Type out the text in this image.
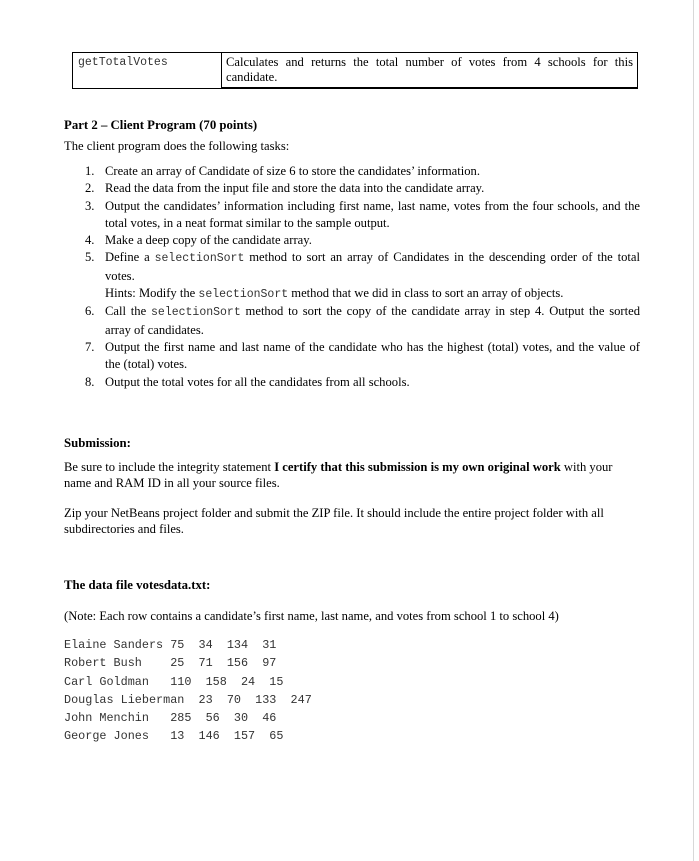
getTotalVotes	Calculates and returns the total number of votes from 4 schools for this candidate.
Part 2 – Client Program (70 points)
The client program does the following tasks:
1. Create an array of Candidate of size 6 to store the candidates’ information.
2. Read the data from the input file and store the data into the candidate array.
3. Output the candidates’ information including first name, last name, votes from the four schools, and the total votes, in a neat format similar to the sample output.
4. Make a deep copy of the candidate array.
5. Define a selectionSort method to sort an array of Candidates in the descending order of the total votes.
Hints: Modify the selectionSort method that we did in class to sort an array of objects.
6. Call the selectionSort method to sort the copy of the candidate array in step 4. Output the sorted array of candidates.
7. Output the first name and last name of the candidate who has the highest (total) votes, and the value of the (total) votes.
8. Output the total votes for all the candidates from all schools.
Submission:
Be sure to include the integrity statement I certify that this submission is my own original work with your name and RAM ID in all your source files.
Zip your NetBeans project folder and submit the ZIP file. It should include the entire project folder with all subdirectories and files.
The data file votesdata.txt:
(Note: Each row contains a candidate’s first name, last name, and votes from school 1 to school 4)
Elaine Sanders 75  34  134  31
Robert Bush    25  71  156  97
Carl Goldman   110  158  24  15
Douglas Lieberman  23  70  133  247
John Menchin   285  56  30  46
George Jones   13  146  157  65
